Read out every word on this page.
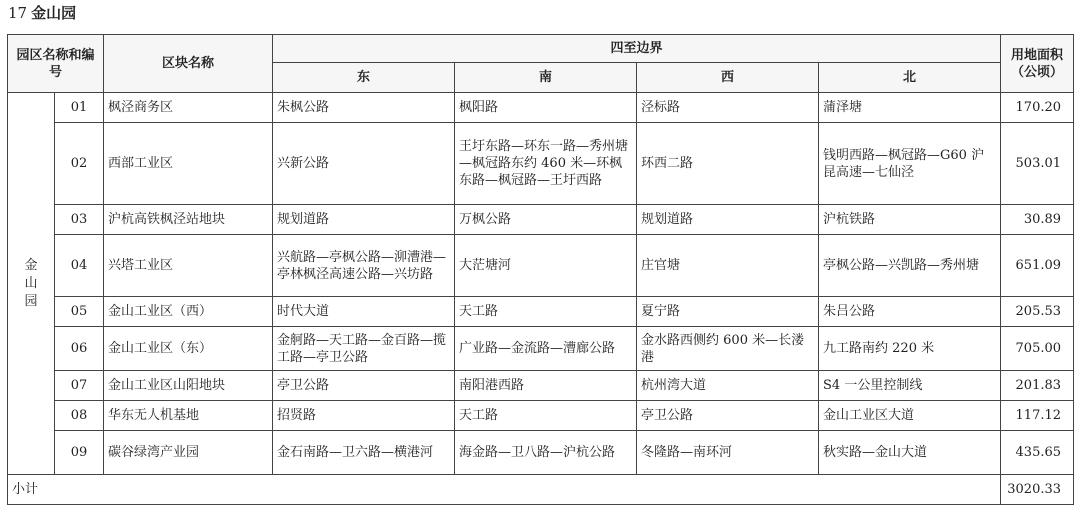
17 金山园
园区名称和编号		区块名称	四至边界				用地面积（公顷）
			东	南	西	北	
金山园	01	枫泾商务区	朱枫公路	枫阳路	泾标路	蒲泽塘	170.20
	02	西部工业区	兴新公路	王圩东路—环东一路—秀州塘—枫冠路东约 460 米—环枫东路—枫冠路—王圩西路	环西二路	钱明西路—枫冠路—G60 沪昆高速—七仙泾	503.01
	03	沪杭高铁枫泾站地块	规划道路	万枫公路	规划道路	沪杭铁路	30.89
	04	兴塔工业区	兴航路—亭枫公路—泖漕港—亭林枫泾高速公路—兴坊路	大茫塘河	庄官塘	亭枫公路—兴凯路—秀州塘	651.09
	05	金山工业区（西）	时代大道	天工路	夏宁路	朱吕公路	205.53
	06	金山工业区（东）	金舸路—天工路—金百路—揽工路—亭卫公路	广业路—金流路—漕廊公路	金水路西侧约 600 米—长溇港	九工路南约 220 米	705.00
	07	金山工业区山阳地块	亭卫公路	南阳港西路	杭州湾大道	S4 一公里控制线	201.83
	08	华东无人机基地	招贤路	天工路	亭卫公路	金山工业区大道	117.12
	09	碳谷绿湾产业园	金石南路—卫六路—横港河	海金路—卫八路—沪杭公路	冬隆路—南环河	秋实路—金山大道	435.65
小计							3020.33
